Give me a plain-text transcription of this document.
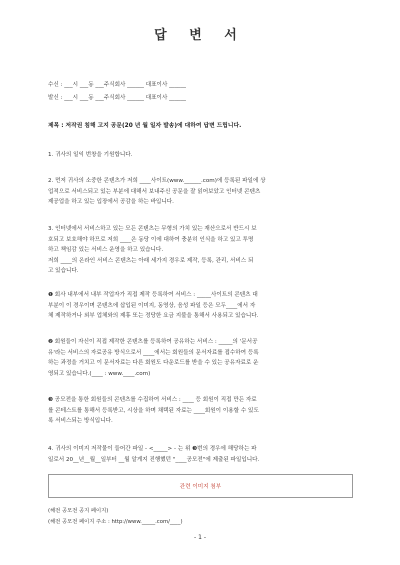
답 변 서
수신 : ___시 ___동 ___주식회사 ______ 대표이사 ______
발신 : ___시 ___동 ___주식회사 ______ 대표이사 ______
제목 : 저작권 침해 고지 공문(20 년 월 일자 발송)에 대하여 답변 드립니다.
1. 귀사의 일익 번창을 기원합니다.
2. 먼저 귀사의 소중한 콘텐츠가 저희 ____사이트(www.______.com)에 등록된 파일에 상
업적으로 서비스되고 있는 부분에 대해서 보내주신 공문을 잘 읽어보았고 인터넷 콘텐츠
제공업을 하고 있는 입장에서 공감을 하는 바입니다.
3. 인터넷에서 서비스하고 있는 모든 콘텐츠는 무형의 가치 있는 재산으로서 반드시 보
호되고 보호해야 하므로 저희 ____은 동당 이에 대하여 충분히 인식을 하고 있고 투명
하고 책임감 있는 서비스 운영을 하고 있습니다.
저희 ____의 온라인 서비스 콘텐츠는 아래 세가지 경우로 제작, 등록, 관리, 서비스 되
고 있습니다.
❶ 회사 내부에서 내부 작업자가 직접 제작 등록하여 서비스 : _____사이트의 콘텐츠 대
부분이 이 경우이며 콘텐츠에 삽입된 이미지, 동영상, 음성 파일 등은 모두____에서 자
체 제작하거나 외부 업체와의 제휴 또는 정당한 요금 지불을 통해서 사용되고 있습니다.
❷ 회원들이 자신이 직접 제작한 콘텐츠를 등록하여 공유하는 서비스 : _____의 '문서공
유'라는 서비스의 자료공유 방식으로서 ____에서는 회원들의 문서자료를 접수하여 등록
하는 과정을 거치고 이 문서자료는 다른 회원도 다운로드를 받을 수 있는 공유자료로 운
영되고 있습니다.(____ : www.____.com)
❸ 공모전을 통한 회원들의 콘텐츠를 수집하여 서비스 : ____ 등 회원이 직접 만든 자료
를 콘테스트를 통해서 등록받고, 시상을 하며 채택된 자료는 ____회원이 이용할 수 있도
록 서비스되는 방식입니다.
4. 귀사의 이미지 저작물이 들어간 파일 - <_____> - 는 위 ❸번의 경우에 해당하는 파
일로서 20__년__월__일부터 __월 알게지 진행했던 "____공모전"에 제출된 파일입니다.
관련 이미지 첨부
(해전 공모전 공지 페이지)
(해전 공모전 페이지 주소 : http://www._____.com/____)
- 1 -
